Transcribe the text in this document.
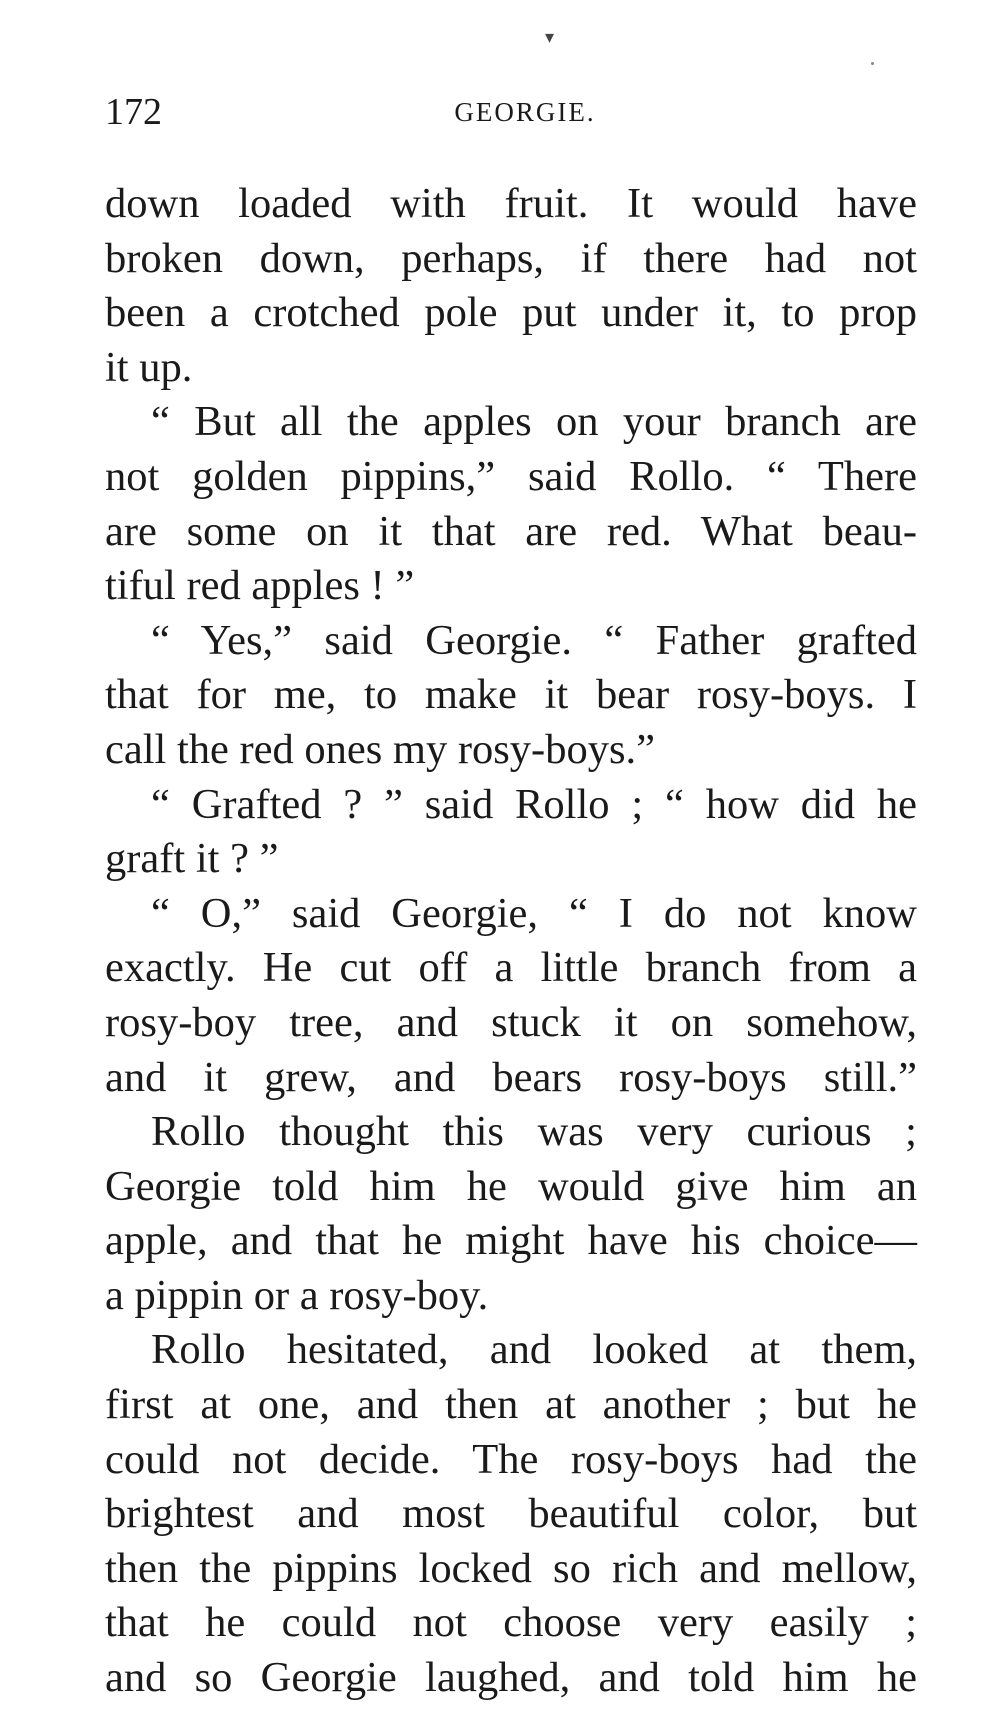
▾
172	GEORGIE.
down loaded with fruit. It would have
broken down, perhaps, if there had not
been a crotched pole put under it, to prop
it up.
“ But all the apples on your branch are
not golden pippins,” said Rollo. “ There
are some on it that are red. What beau-
tiful red apples ! ”
“ Yes,” said Georgie. “ Father grafted
that for me, to make it bear rosy-boys. I
call the red ones my rosy-boys.”
“ Grafted ? ” said Rollo ; “ how did he
graft it ? ”
“ O,” said Georgie, “ I do not know
exactly. He cut off a little branch from a
rosy-boy tree, and stuck it on somehow,
and it grew, and bears rosy-boys still.”
Rollo thought this was very curious ;
Georgie told him he would give him an
apple, and that he might have his choice—
a pippin or a rosy-boy.
Rollo hesitated, and looked at them,
first at one, and then at another ; but he
could not decide. The rosy-boys had the
brightest and most beautiful color, but
then the pippins locked so rich and mellow,
that he could not choose very easily ;
and so Georgie laughed, and told him he
